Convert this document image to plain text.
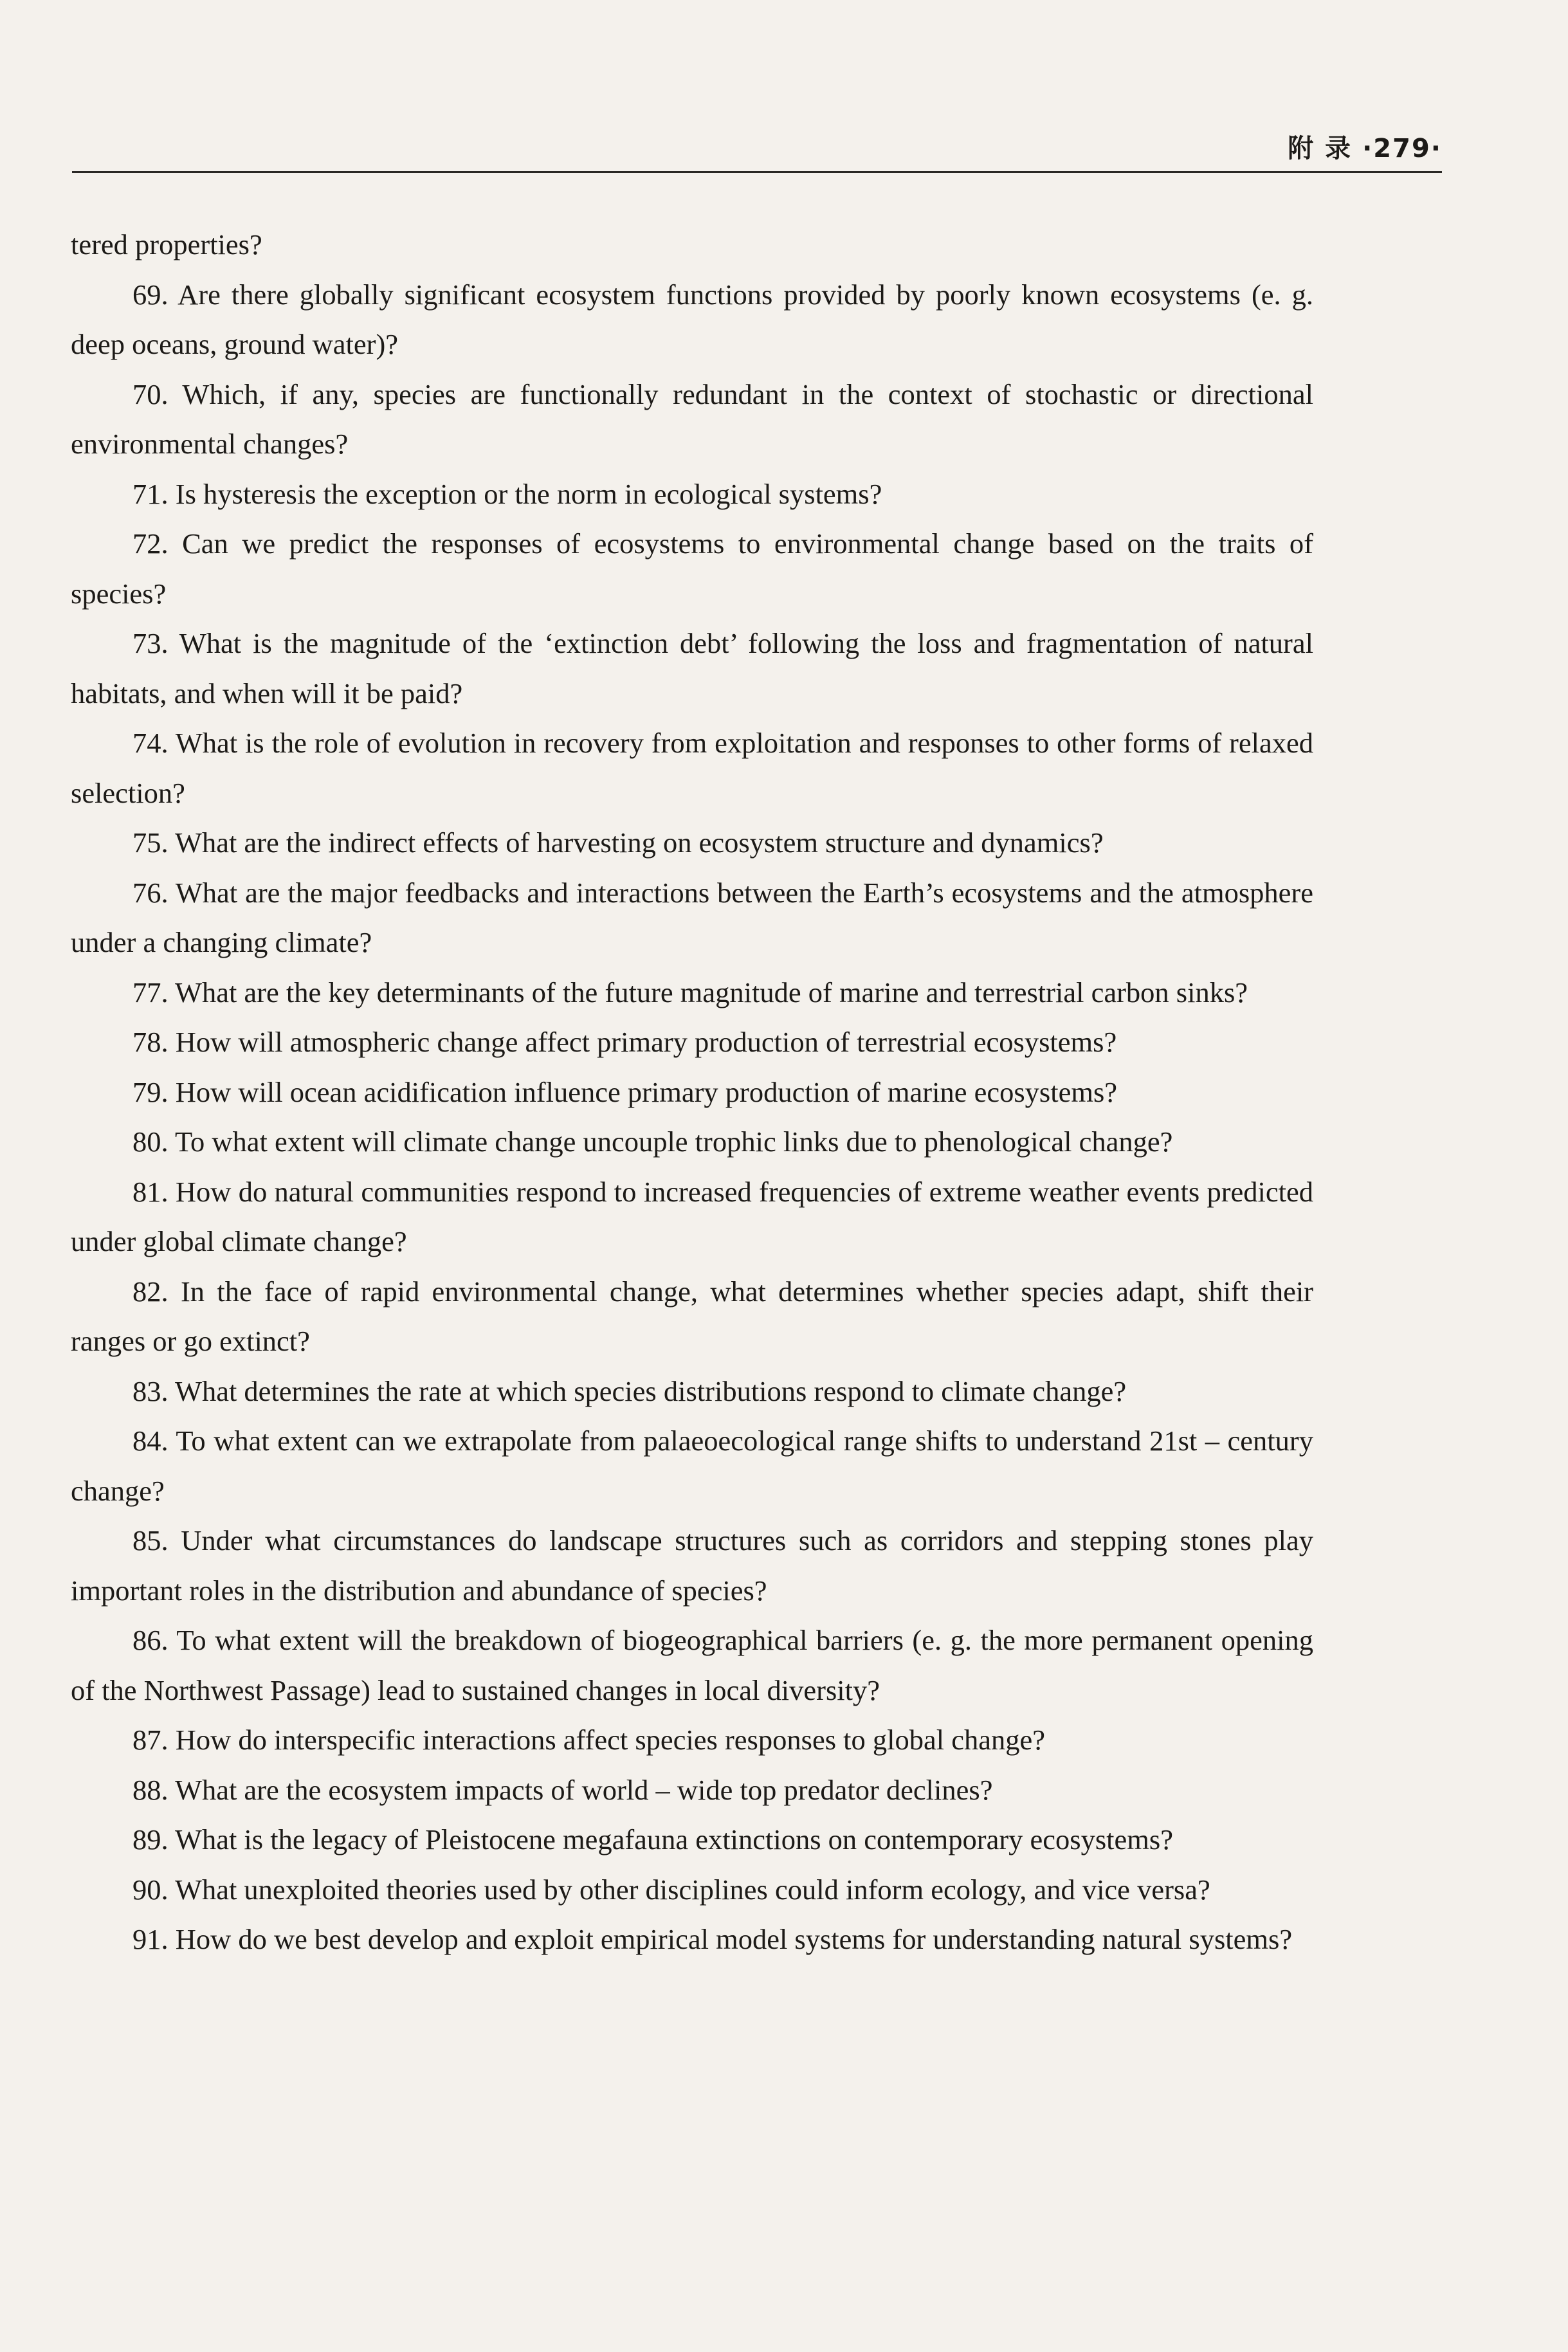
附 录 ·279·

tered properties?

69. Are there globally significant ecosystem functions provided by poorly known ecosystems (e. g. deep oceans, ground water)?

70. Which, if any, species are functionally redundant in the context of stochastic or directional environmental changes?

71. Is hysteresis the exception or the norm in ecological systems?

72. Can we predict the responses of ecosystems to environmental change based on the traits of species?

73. What is the magnitude of the ‘extinction debt’ following the loss and fragmentation of natural habitats, and when will it be paid?

74. What is the role of evolution in recovery from exploitation and responses to other forms of relaxed selection?

75. What are the indirect effects of harvesting on ecosystem structure and dynamics?

76. What are the major feedbacks and interactions between the Earth’s ecosystems and the atmosphere under a changing climate?

77. What are the key determinants of the future magnitude of marine and terrestrial carbon sinks?

78. How will atmospheric change affect primary production of terrestrial ecosystems?

79. How will ocean acidification influence primary production of marine ecosystems?

80. To what extent will climate change uncouple trophic links due to phenological change?

81. How do natural communities respond to increased frequencies of extreme weather events predicted under global climate change?

82. In the face of rapid environmental change, what determines whether species adapt, shift their ranges or go extinct?

83. What determines the rate at which species distributions respond to climate change?

84. To what extent can we extrapolate from palaeoecological range shifts to understand 21st – century change?

85. Under what circumstances do landscape structures such as corridors and stepping stones play important roles in the distribution and abundance of species?

86. To what extent will the breakdown of biogeographical barriers (e. g. the more permanent opening of the Northwest Passage) lead to sustained changes in local diversity?

87. How do interspecific interactions affect species responses to global change?

88. What are the ecosystem impacts of world – wide top predator declines?

89. What is the legacy of Pleistocene megafauna extinctions on contemporary ecosystems?

90. What unexploited theories used by other disciplines could inform ecology, and vice versa?

91. How do we best develop and exploit empirical model systems for understanding natural systems?
